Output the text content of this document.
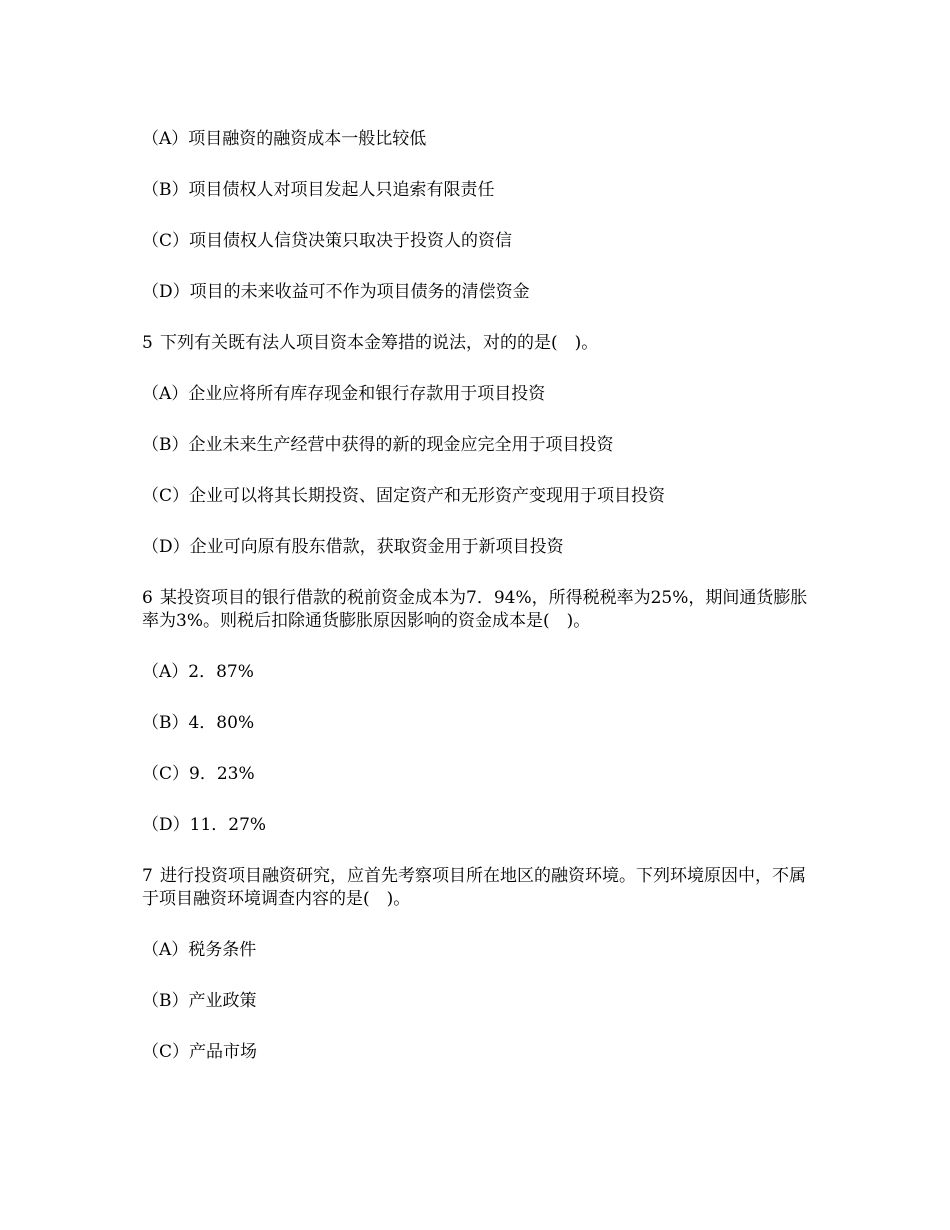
（A）项目融资的融资成本一般比较低

（B）项目债权人对项目发起人只追索有限责任

（C）项目债权人信贷决策只取决于投资人的资信

（D）项目的未来收益可不作为项目债务的清偿资金

5 下列有关既有法人项目资本金筹措的说法，对的的是(　)。

（A）企业应将所有库存现金和银行存款用于项目投资

（B）企业未来生产经营中获得的新的现金应完全用于项目投资

（C）企业可以将其长期投资、固定资产和无形资产变现用于项目投资

（D）企业可向原有股东借款，获取资金用于新项目投资

6 某投资项目的银行借款的税前资金成本为7．94%，所得税税率为25%，期间通货膨胀率为3%。则税后扣除通货膨胀原因影响的资金成本是(　)。

（A）2．87%

（B）4．80%

（C）9．23%

（D）11．27%

7 进行投资项目融资研究，应首先考察项目所在地区的融资环境。下列环境原因中，不属于项目融资环境调查内容的是(　)。

（A）税务条件

（B）产业政策

（C）产品市场
